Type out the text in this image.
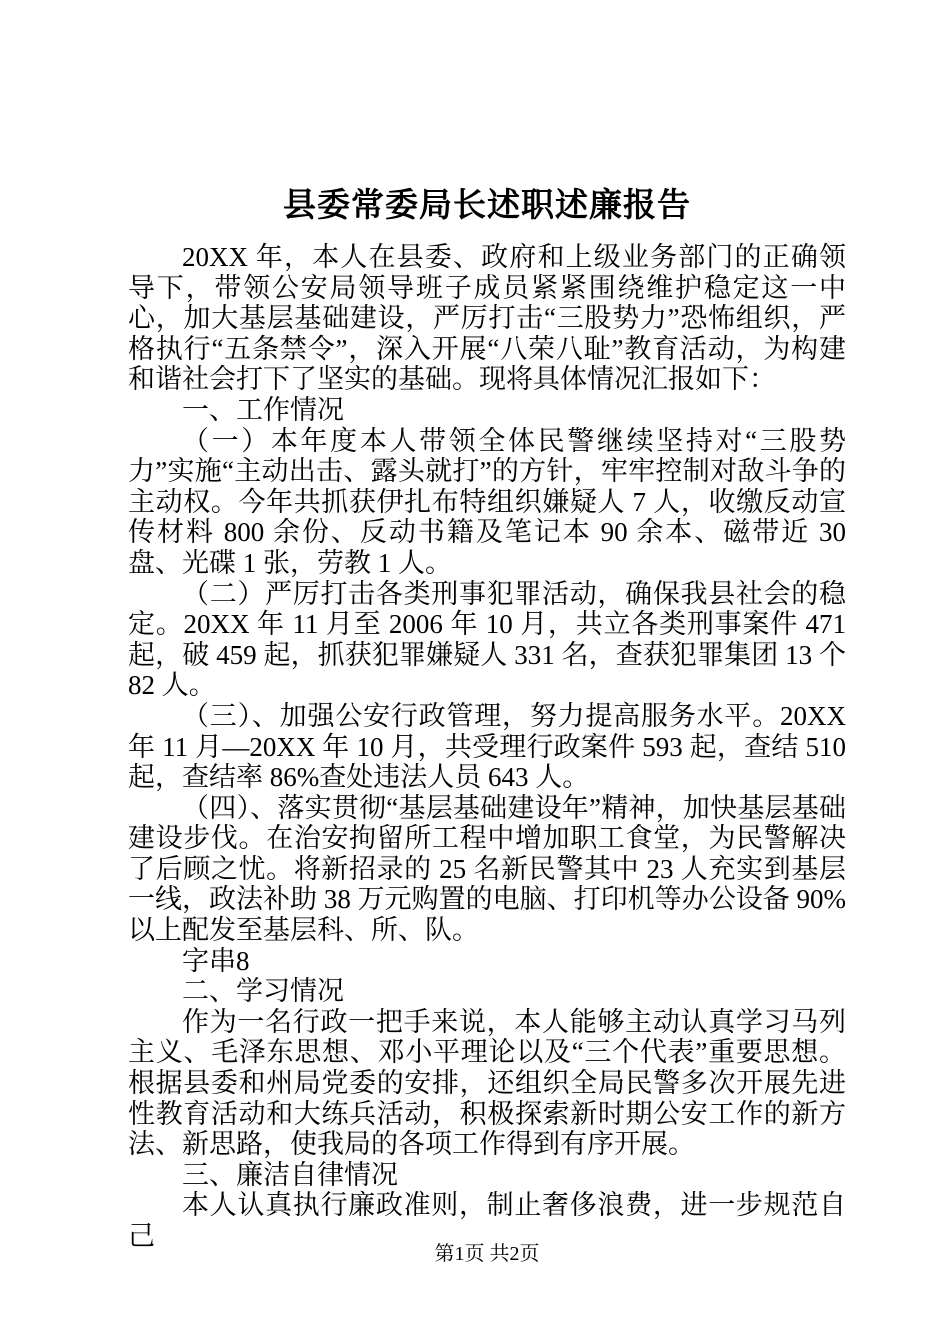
县委常委局长述职述廉报告

20XX 年，本人在县委、政府和上级业务部门的正确领导下，带领公安局领导班子成员紧紧围绕维护稳定这一中心，加大基层基础建设，严厉打击“三股势力”恐怖组织，严格执行“五条禁令”，深入开展“八荣八耻”教育活动，为构建和谐社会打下了坚实的基础。现将具体情况汇报如下：

一、工作情况

（一）本年度本人带领全体民警继续坚持对“三股势力”实施“主动出击、露头就打”的方针，牢牢控制对敌斗争的主动权。今年共抓获伊扎布特组织嫌疑人 7 人，收缴反动宣传材料 800 余份、反动书籍及笔记本 90 余本、磁带近 30 盘、光碟 1 张，劳教 1 人。

（二）严厉打击各类刑事犯罪活动，确保我县社会的稳定。20XX 年 11 月至 2006 年 10 月，共立各类刑事案件 471 起，破 459 起，抓获犯罪嫌疑人 331 名，查获犯罪集团 13 个 82 人。

（三）、加强公安行政管理，努力提高服务水平。20XX 年 11 月—20XX 年 10 月，共受理行政案件 593 起，查结 510 起，查结率 86%查处违法人员 643 人。

（四）、落实贯彻“基层基础建设年”精神，加快基层基础建设步伐。在治安拘留所工程中增加职工食堂，为民警解决了后顾之忧。将新招录的 25 名新民警其中 23 人充实到基层一线，政法补助 38 万元购置的电脑、打印机等办公设备 90%以上配发至基层科、所、队。

字串8

二、学习情况

作为一名行政一把手来说，本人能够主动认真学习马列主义、毛泽东思想、邓小平理论以及“三个代表”重要思想。根据县委和州局党委的安排，还组织全局民警多次开展先进性教育活动和大练兵活动，积极探索新时期公安工作的新方法、新思路，使我局的各项工作得到有序开展。

三、廉洁自律情况

本人认真执行廉政准则，制止奢侈浪费，进一步规范自己

第1页 共2页
